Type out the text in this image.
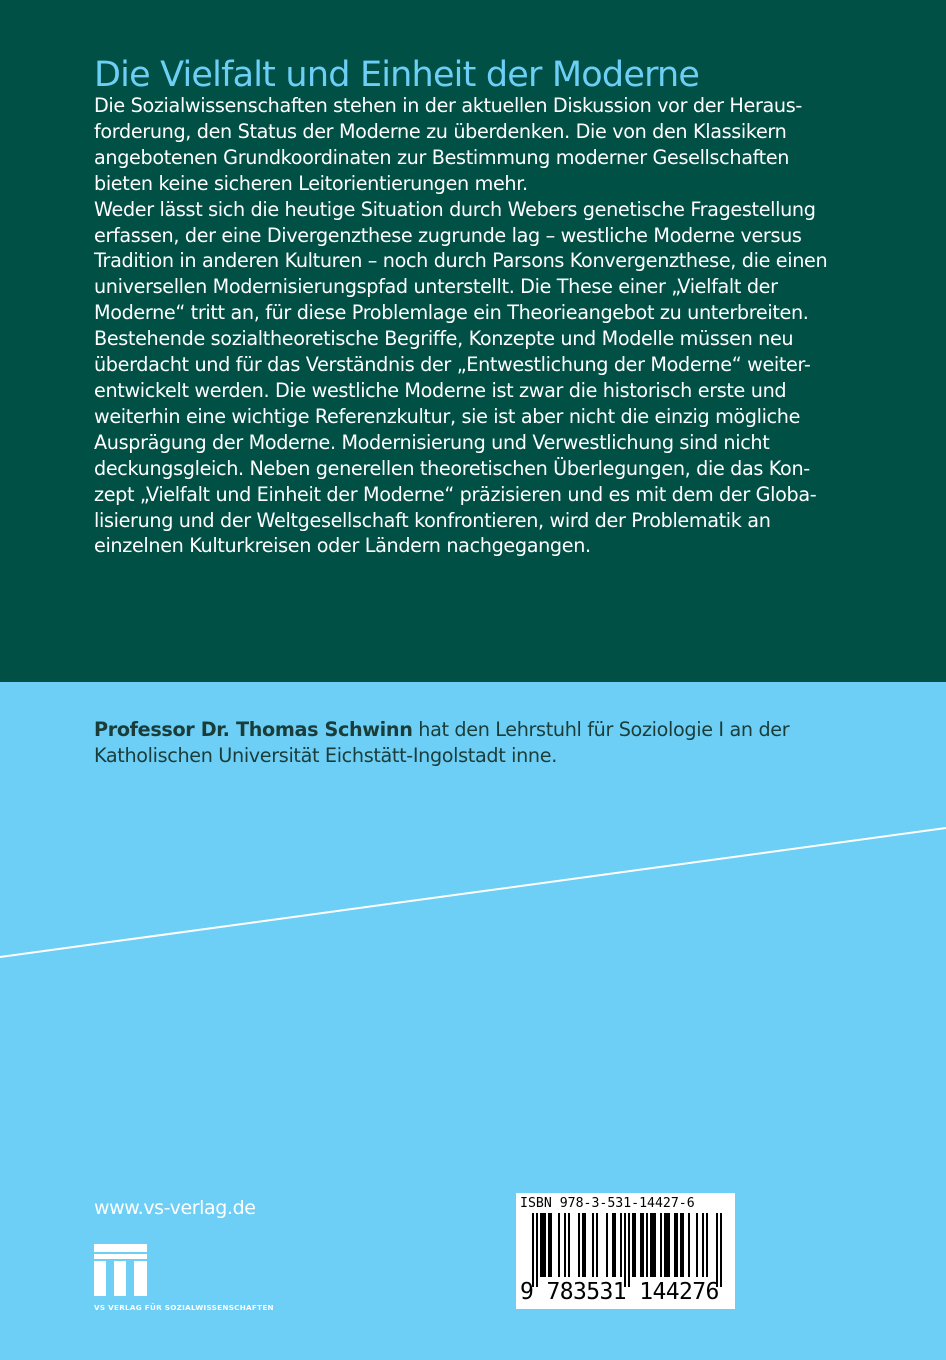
Die Vielfalt und Einheit der Moderne
Die Sozialwissenschaften stehen in der aktuellen Diskussion vor der Heraus-
forderung, den Status der Moderne zu überdenken. Die von den Klassikern
angebotenen Grundkoordinaten zur Bestimmung moderner Gesellschaften
bieten keine sicheren Leitorientierungen mehr.
Weder lässt sich die heutige Situation durch Webers genetische Fragestellung
erfassen, der eine Divergenzthese zugrunde lag – westliche Moderne versus
Tradition in anderen Kulturen – noch durch Parsons Konvergenzthese, die einen
universellen Modernisierungspfad unterstellt. Die These einer „Vielfalt der
Moderne“ tritt an, für diese Problemlage ein Theorieangebot zu unterbreiten.
Bestehende sozialtheoretische Begriffe, Konzepte und Modelle müssen neu
überdacht und für das Verständnis der „Entwestlichung der Moderne“ weiter-
entwickelt werden. Die westliche Moderne ist zwar die historisch erste und
weiterhin eine wichtige Referenzkultur, sie ist aber nicht die einzig mögliche
Ausprägung der Moderne. Modernisierung und Verwestlichung sind nicht
deckungsgleich. Neben generellen theoretischen Überlegungen, die das Kon-
zept „Vielfalt und Einheit der Moderne“ präzisieren und es mit dem der Globa-
lisierung und der Weltgesellschaft konfrontieren, wird der Problematik an
einzelnen Kulturkreisen oder Ländern nachgegangen.
Professor Dr. Thomas Schwinn hat den Lehrstuhl für Soziologie I an der
Katholischen Universität Eichstätt-Ingolstadt inne.
www.vs-verlag.de
VS VERLAG FÜR SOZIALWISSENSCHAFTEN
ISBN 978-3-531-14427-6
9 783531 144276
